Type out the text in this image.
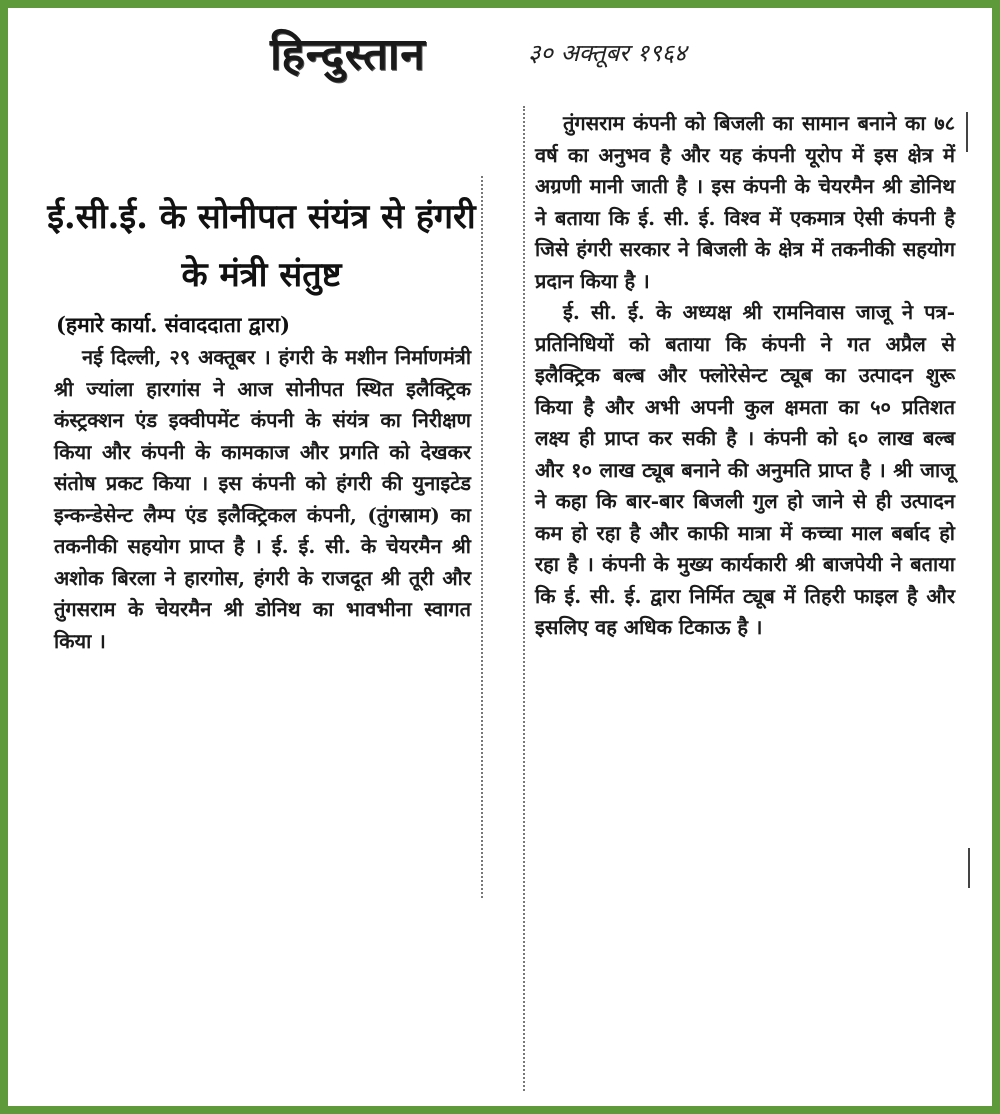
हिन्दुस्तान	३० अक्तूबर १९६४
ई.सी.ई. के सोनीपत संयंत्र से हंगरी के मंत्री संतुष्ट
(हमारे कार्या. संवाददाता द्वारा)

नई दिल्ली, २९ अक्तूबर । हंगरी के मशीन निर्माणमंत्री श्री ज्यांला हारगांस ने आज सोनीपत स्थित इलैक्ट्रिक कंस्ट्रक्शन एंड इक्वीपमेंट कंपनी के संयंत्र का निरीक्षण किया और कंपनी के कामकाज और प्रगति को देखकर संतोष प्रकट किया । इस कंपनी को हंगरी की युनाइटेड इन्कन्डेसेन्ट लैम्प एंड इलैक्ट्रिकल कंपनी, (तुंगस्राम) का तकनीकी सहयोग प्राप्त है । ई. ई. सी. के चेयरमैन श्री अशोक बिरला ने हारगोस, हंगरी के राजदूत श्री तूरी और तुंगसराम के चेयरमैन श्री डोनिथ का भावभीना स्वागत किया ।

तुंगसराम कंपनी को बिजली का सामान बनाने का ७८ वर्ष का अनुभव है और यह कंपनी यूरोप में इस क्षेत्र में अग्रणी मानी जाती है । इस कंपनी के चेयरमैन श्री डोनिथ ने बताया कि ई. सी. ई. विश्व में एकमात्र ऐसी कंपनी है जिसे हंगरी सरकार ने बिजली के क्षेत्र में तकनीकी सहयोग प्रदान किया है ।

ई. सी. ई. के अध्यक्ष श्री रामनिवास जाजू ने पत्र-प्रतिनिधियों को बताया कि कंपनी ने गत अप्रैल से इलैक्ट्रिक बल्ब और फ्लोरेसेन्ट ट्यूब का उत्पादन शुरू किया है और अभी अपनी कुल क्षमता का ५० प्रतिशत लक्ष्य ही प्राप्त कर सकी है । कंपनी को ६० लाख बल्ब और १० लाख ट्यूब बनाने की अनुमति प्राप्त है । श्री जाजू ने कहा कि बार-बार बिजली गुल हो जाने से ही उत्पादन कम हो रहा है और काफी मात्रा में कच्चा माल बर्बाद हो रहा है । कंपनी के मुख्य कार्यकारी श्री बाजपेयी ने बताया कि ई. सी. ई. द्वारा निर्मित ट्यूब में तिहरी फाइल है और इसलिए वह अधिक टिकाऊ है ।
